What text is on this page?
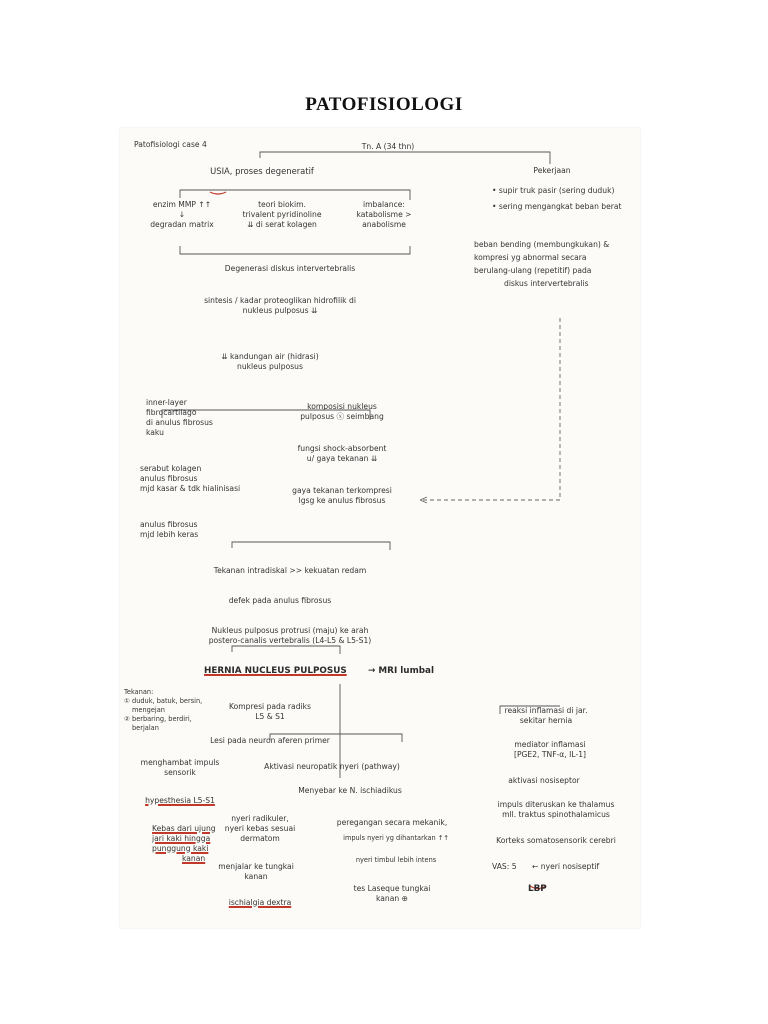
PATOFISIOLOGI
Patofisiologi case 4	Tn. A (34 thn)
USIA, proses degeneratif	Pekerjaan
enzim MMP ↑↑
↓
degradan matrix
teori biokim.
trivalent pyridinoline
⇊ di serat kolagen
imbalance:
katabolisme >
anabolisme
Degenerasi diskus intervertebralis
sintesis / kadar proteoglikan hidrofilik di
nukleus pulposus ⇊
⇊ kandungan air (hidrasi)
nukleus pulposus
inner-layer
fibrocartilago
di anulus fibrosus
kaku
serabut kolagen
anulus fibrosus
mjd kasar & tdk hialinisasi
anulus fibrosus
mjd lebih keras
komposisi nukleus
pulposus ⓧ seimbang
fungsi shock-absorbent
u/ gaya tekanan ⇊
gaya tekanan terkompresi
lgsg ke anulus fibrosus
• supir truk pasir (sering duduk)
• sering mengangkat beban berat
beban bending (membungkukan) &
kompresi yg abnormal secara
berulang-ulang (repetitif) pada
diskus intervertebralis
Tekanan intradiskal >> kekuatan redam
defek pada anulus fibrosus
Nukleus pulposus protrusi (maju) ke arah
postero-canalis vertebralis (L4-L5 & L5-S1)
HERNIA NUCLEUS PULPOSUS → MRI lumbal
Tekanan:
① duduk, batuk, bersin,
mengejan
② berbaring, berdiri,
berjalan
Kompresi pada radiks
L5 & S1
Lesi pada neuron aferen primer
menghambat impuls
sensorik
hypesthesia L5-S1
Kebas dari ujung
jari kaki hingga
punggung kaki
kanan
Aktivasi neuropatik nyeri (pathway)
Menyebar ke N. ischiadikus
nyeri radikuler,
nyeri kebas sesuai
dermatom
menjalar ke tungkai
kanan
ischialgia dextra
peregangan secara mekanik,
impuls nyeri yg dihantarkan ↑↑
nyeri timbul lebih intens
tes Laseque tungkai
kanan ⊕
reaksi inflamasi di jar.
sekitar hernia
mediator inflamasi
[PGE2, TNF-α, IL-1]
aktivasi nosiseptor
impuls diteruskan ke thalamus
mll. traktus spinothalamicus
Korteks somatosensorik cerebri
VAS: 5 ← nyeri nosiseptif
LBP
